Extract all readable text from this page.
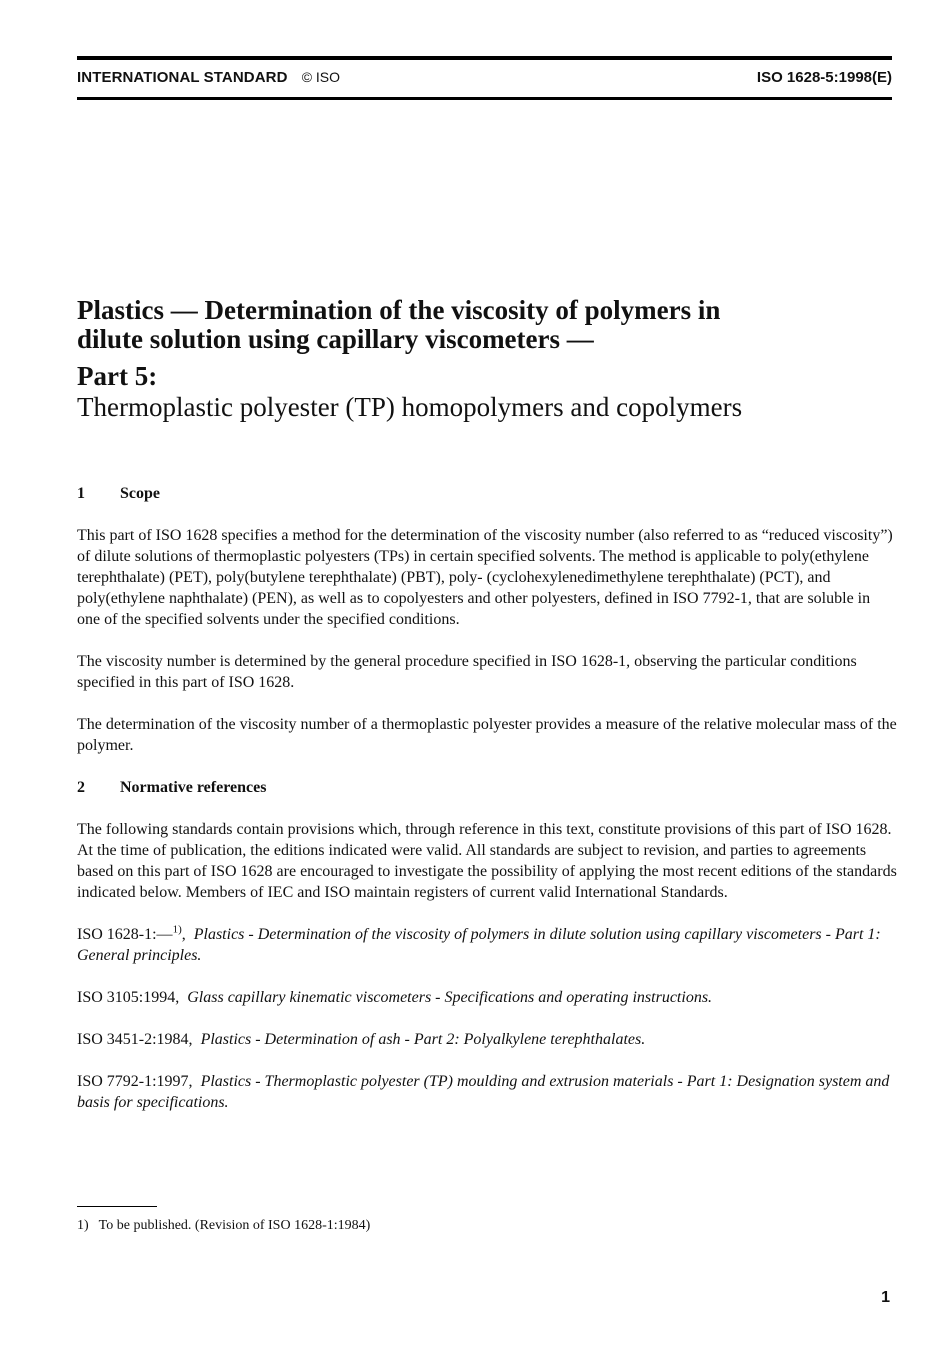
INTERNATIONAL STANDARD © ISO	ISO 1628-5:1998(E)
Plastics — Determination of the viscosity of polymers in
dilute solution using capillary viscometers —
Part 5:
Thermoplastic polyester (TP) homopolymers and copolymers
1 Scope

This part of ISO 1628 specifies a method for the determination of the viscosity number (also referred to as “reduced viscosity”) of dilute solutions of thermoplastic polyesters (TPs) in certain specified solvents. The method is applicable to poly(ethylene terephthalate) (PET), poly(butylene terephthalate) (PBT), poly- (cyclohexylenedimethylene terephthalate) (PCT), and poly(ethylene naphthalate) (PEN), as well as to copolyesters and other polyesters, defined in ISO 7792-1, that are soluble in one of the specified solvents under the specified conditions.

The viscosity number is determined by the general procedure specified in ISO 1628-1, observing the particular conditions specified in this part of ISO 1628.

The determination of the viscosity number of a thermoplastic polyester provides a measure of the relative molecular mass of the polymer.

2 Normative references

The following standards contain provisions which, through reference in this text, constitute provisions of this part of ISO 1628. At the time of publication, the editions indicated were valid. All standards are subject to revision, and parties to agreements based on this part of ISO 1628 are encouraged to investigate the possibility of applying the most recent editions of the standards indicated below. Members of IEC and ISO maintain registers of current valid International Standards.

ISO 1628-1:—$^{1)}$,  Plastics - Determination of the viscosity of polymers in dilute solution using capillary viscometers - Part 1: General principles.
ISO 3105:1994, Glass capillary kinematic viscometers - Specifications and operating instructions.
ISO 3451-2:1984, Plastics - Determination of ash - Part 2: Polyalkylene terephthalates.
ISO 7792-1:1997, Plastics - Thermoplastic polyester (TP) moulding and extrusion materials - Part 1: Designation system and basis for specifications.
1) To be published. (Revision of ISO 1628-1:1984)
1
